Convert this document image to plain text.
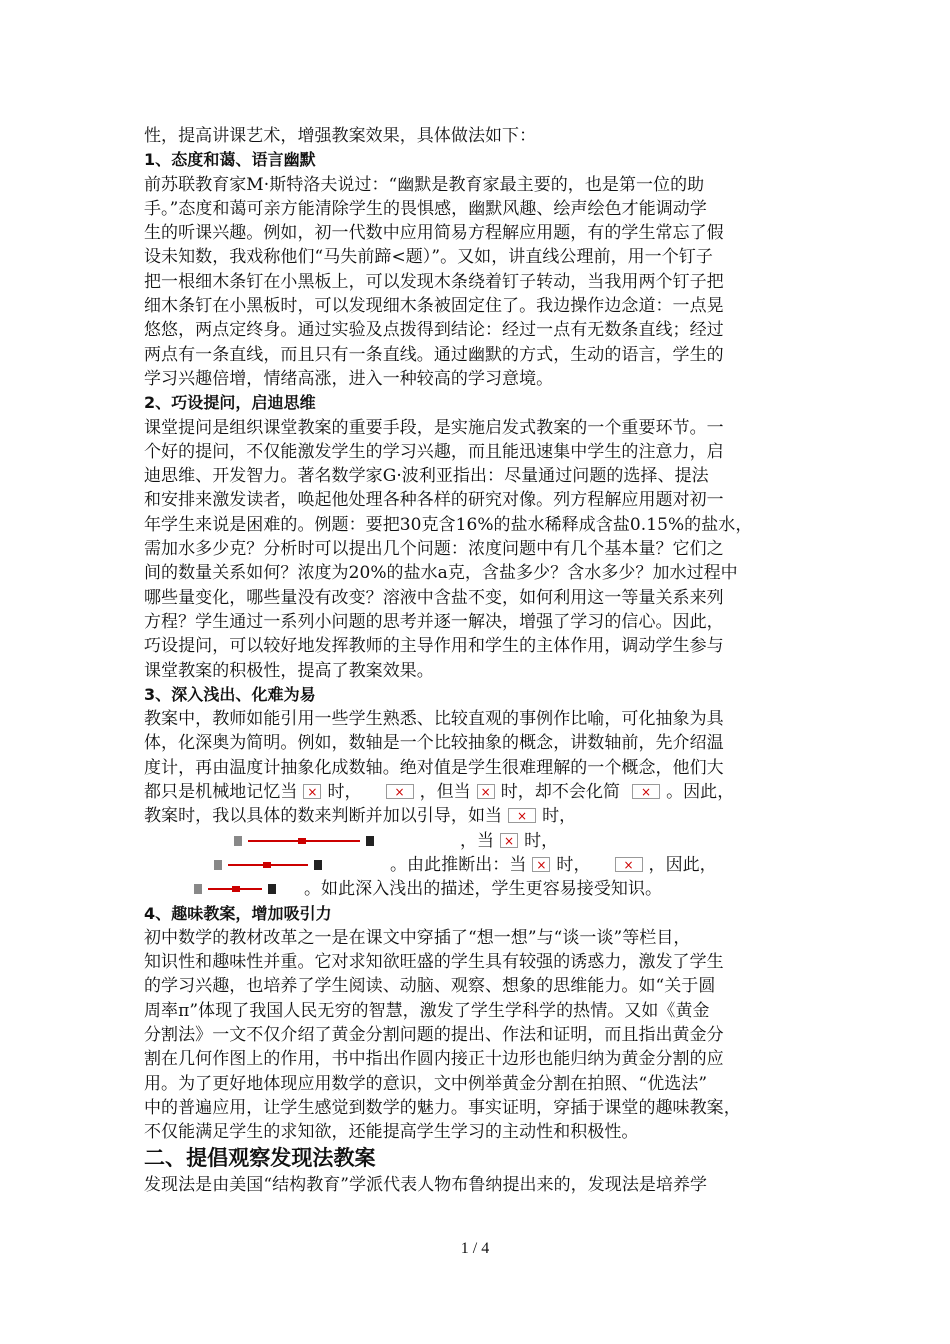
性，提高讲课艺术，增强教案效果，具体做法如下：
1、态度和蔼、语言幽默
前苏联教育家M·斯特洛夫说过：“幽默是教育家最主要的，也是第一位的助
手。”态度和蔼可亲方能清除学生的畏惧感，幽默风趣、绘声绘色才能调动学
生的听课兴趣。例如，初一代数中应用简易方程解应用题，有的学生常忘了假
设未知数，我戏称他们“马失前蹄<题）”。又如，讲直线公理前，用一个钉子
把一根细木条钉在小黑板上，可以发现木条绕着钉子转动，当我用两个钉子把
细木条钉在小黑板时，可以发现细木条被固定住了。我边操作边念道：一点晃
悠悠，两点定终身。通过实验及点拨得到结论：经过一点有无数条直线；经过
两点有一条直线，而且只有一条直线。通过幽默的方式，生动的语言，学生的
学习兴趣倍增，情绪高涨，进入一种较高的学习意境。
2、巧设提问，启迪思维
课堂提问是组织课堂教案的重要手段，是实施启发式教案的一个重要环节。一
个好的提问，不仅能激发学生的学习兴趣，而且能迅速集中学生的注意力，启
迪思维、开发智力。著名数学家G·波利亚指出：尽量通过问题的选择、提法
和安排来激发读者，唤起他处理各种各样的研究对像。列方程解应用题对初一
年学生来说是困难的。例题：要把30克含16%的盐水稀释成含盐0.15%的盐水，
需加水多少克？分析时可以提出几个问题：浓度问题中有几个基本量？它们之
间的数量关系如何？浓度为20%的盐水a克，含盐多少？含水多少？加水过程中
哪些量变化，哪些量没有改变？溶液中含盐不变，如何利用这一等量关系来列
方程？学生通过一系列小问题的思考并逐一解决，增强了学习的信心。因此，
巧设提问，可以较好地发挥教师的主导作用和学生的主体作用，调动学生参与
课堂教案的积极性，提高了教案效果。
3、深入浅出、化难为易
教案中，教师如能引用一些学生熟悉、比较直观的事例作比喻，可化抽象为具
体，化深奥为简明。例如，数轴是一个比较抽象的概念，讲数轴前，先介绍温
度计，再由温度计抽象化成数轴。绝对值是学生很难理解的一个概念，他们大
都只是机械地记忆当 × 时， ×	，但当 × 时，却不会化简 ×	。因此，
教案时，我以具体的数来判断并加以引导，如当 × 时，
，当 × 时，
。由此推断出：当 × 时， ×	，因此，
。如此深入浅出的描述，学生更容易接受知识。
4、趣味教案，增加吸引力
初中数学的教材改革之一是在课文中穿插了“想一想”与“谈一谈”等栏目，
知识性和趣味性并重。它对求知欲旺盛的学生具有较强的诱惑力，激发了学生
的学习兴趣，也培养了学生阅读、动脑、观察、想象的思维能力。如“关于圆
周率π”体现了我国人民无穷的智慧，激发了学生学科学的热情。又如《黄金
分割法》一文不仅介绍了黄金分割问题的提出、作法和证明，而且指出黄金分
割在几何作图上的作用，书中指出作圆内接正十边形也能归纳为黄金分割的应
用。为了更好地体现应用数学的意识，文中例举黄金分割在拍照、“优选法”
中的普遍应用，让学生感觉到数学的魅力。事实证明，穿插于课堂的趣味教案，
不仅能满足学生的求知欲，还能提高学生学习的主动性和积极性。
二、提倡观察发现法教案
发现法是由美国“结构教育”学派代表人物布鲁纳提出来的，发现法是培养学
1 / 4
